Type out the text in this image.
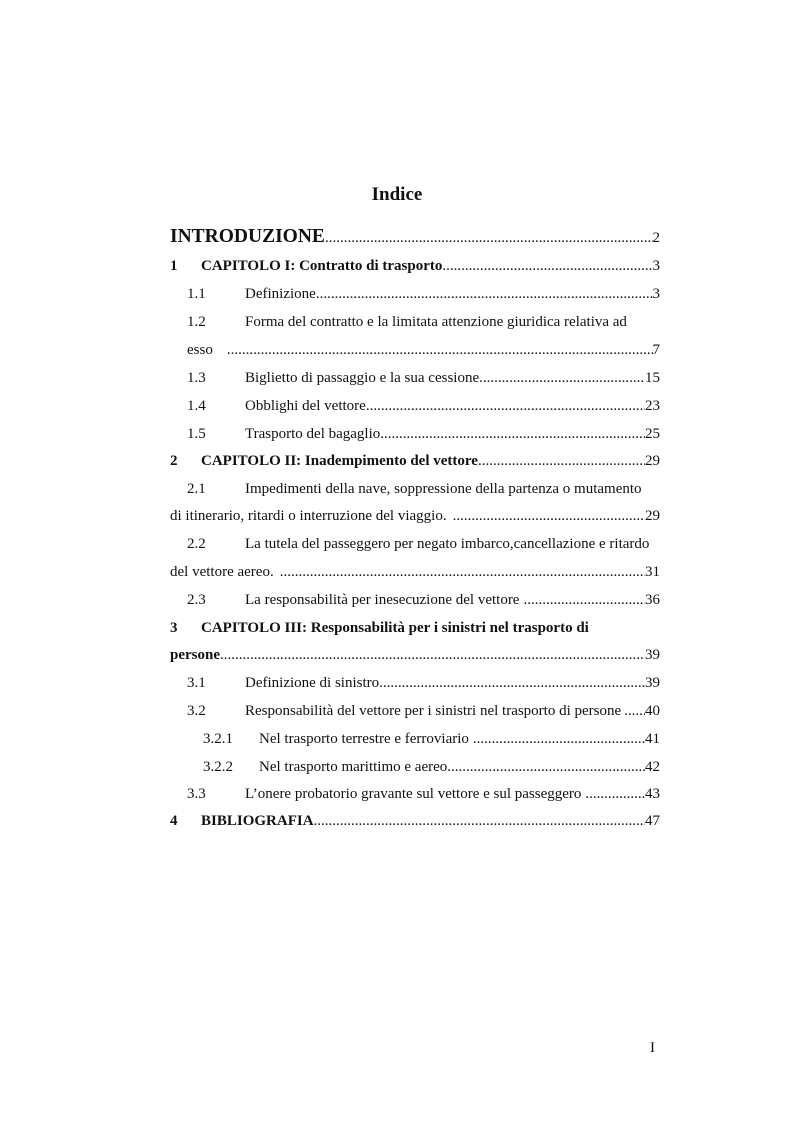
Indice
INTRODUZIONE .....	2
1	CAPITOLO I: Contratto di trasporto .....	3
1.1	Definizione .....	3
1.2	Forma del contratto e la limitata attenzione giuridica relativa ad
esso .....	7
1.3	Biglietto di passaggio e la sua cessione .....	15
1.4	Obblighi del vettore .....	23
1.5	Trasporto del bagaglio .....	25
2	CAPITOLO II: Inadempimento del vettore .....	29
2.1	Impedimenti della nave, soppressione della partenza o mutamento
di itinerario, ritardi o interruzione del viaggio. .....	29
2.2	La tutela del passeggero per negato imbarco,cancellazione e ritardo
del vettore aereo. .....	31
2.3	La responsabilità per inesecuzione del vettore .....	36
3	CAPITOLO III: Responsabilità per i sinistri nel trasporto di
persone .....	39
3.1	Definizione di sinistro .....	39
3.2	Responsabilità del vettore per i sinistri nel trasporto di persone ..... 40
3.2.1	Nel trasporto terrestre e ferroviario .....	41
3.2.2	Nel trasporto marittimo e aereo .....	42
3.3	L’onere probatorio gravante sul vettore e sul passeggero .....	43
4	BIBLIOGRAFIA .....	47
I
